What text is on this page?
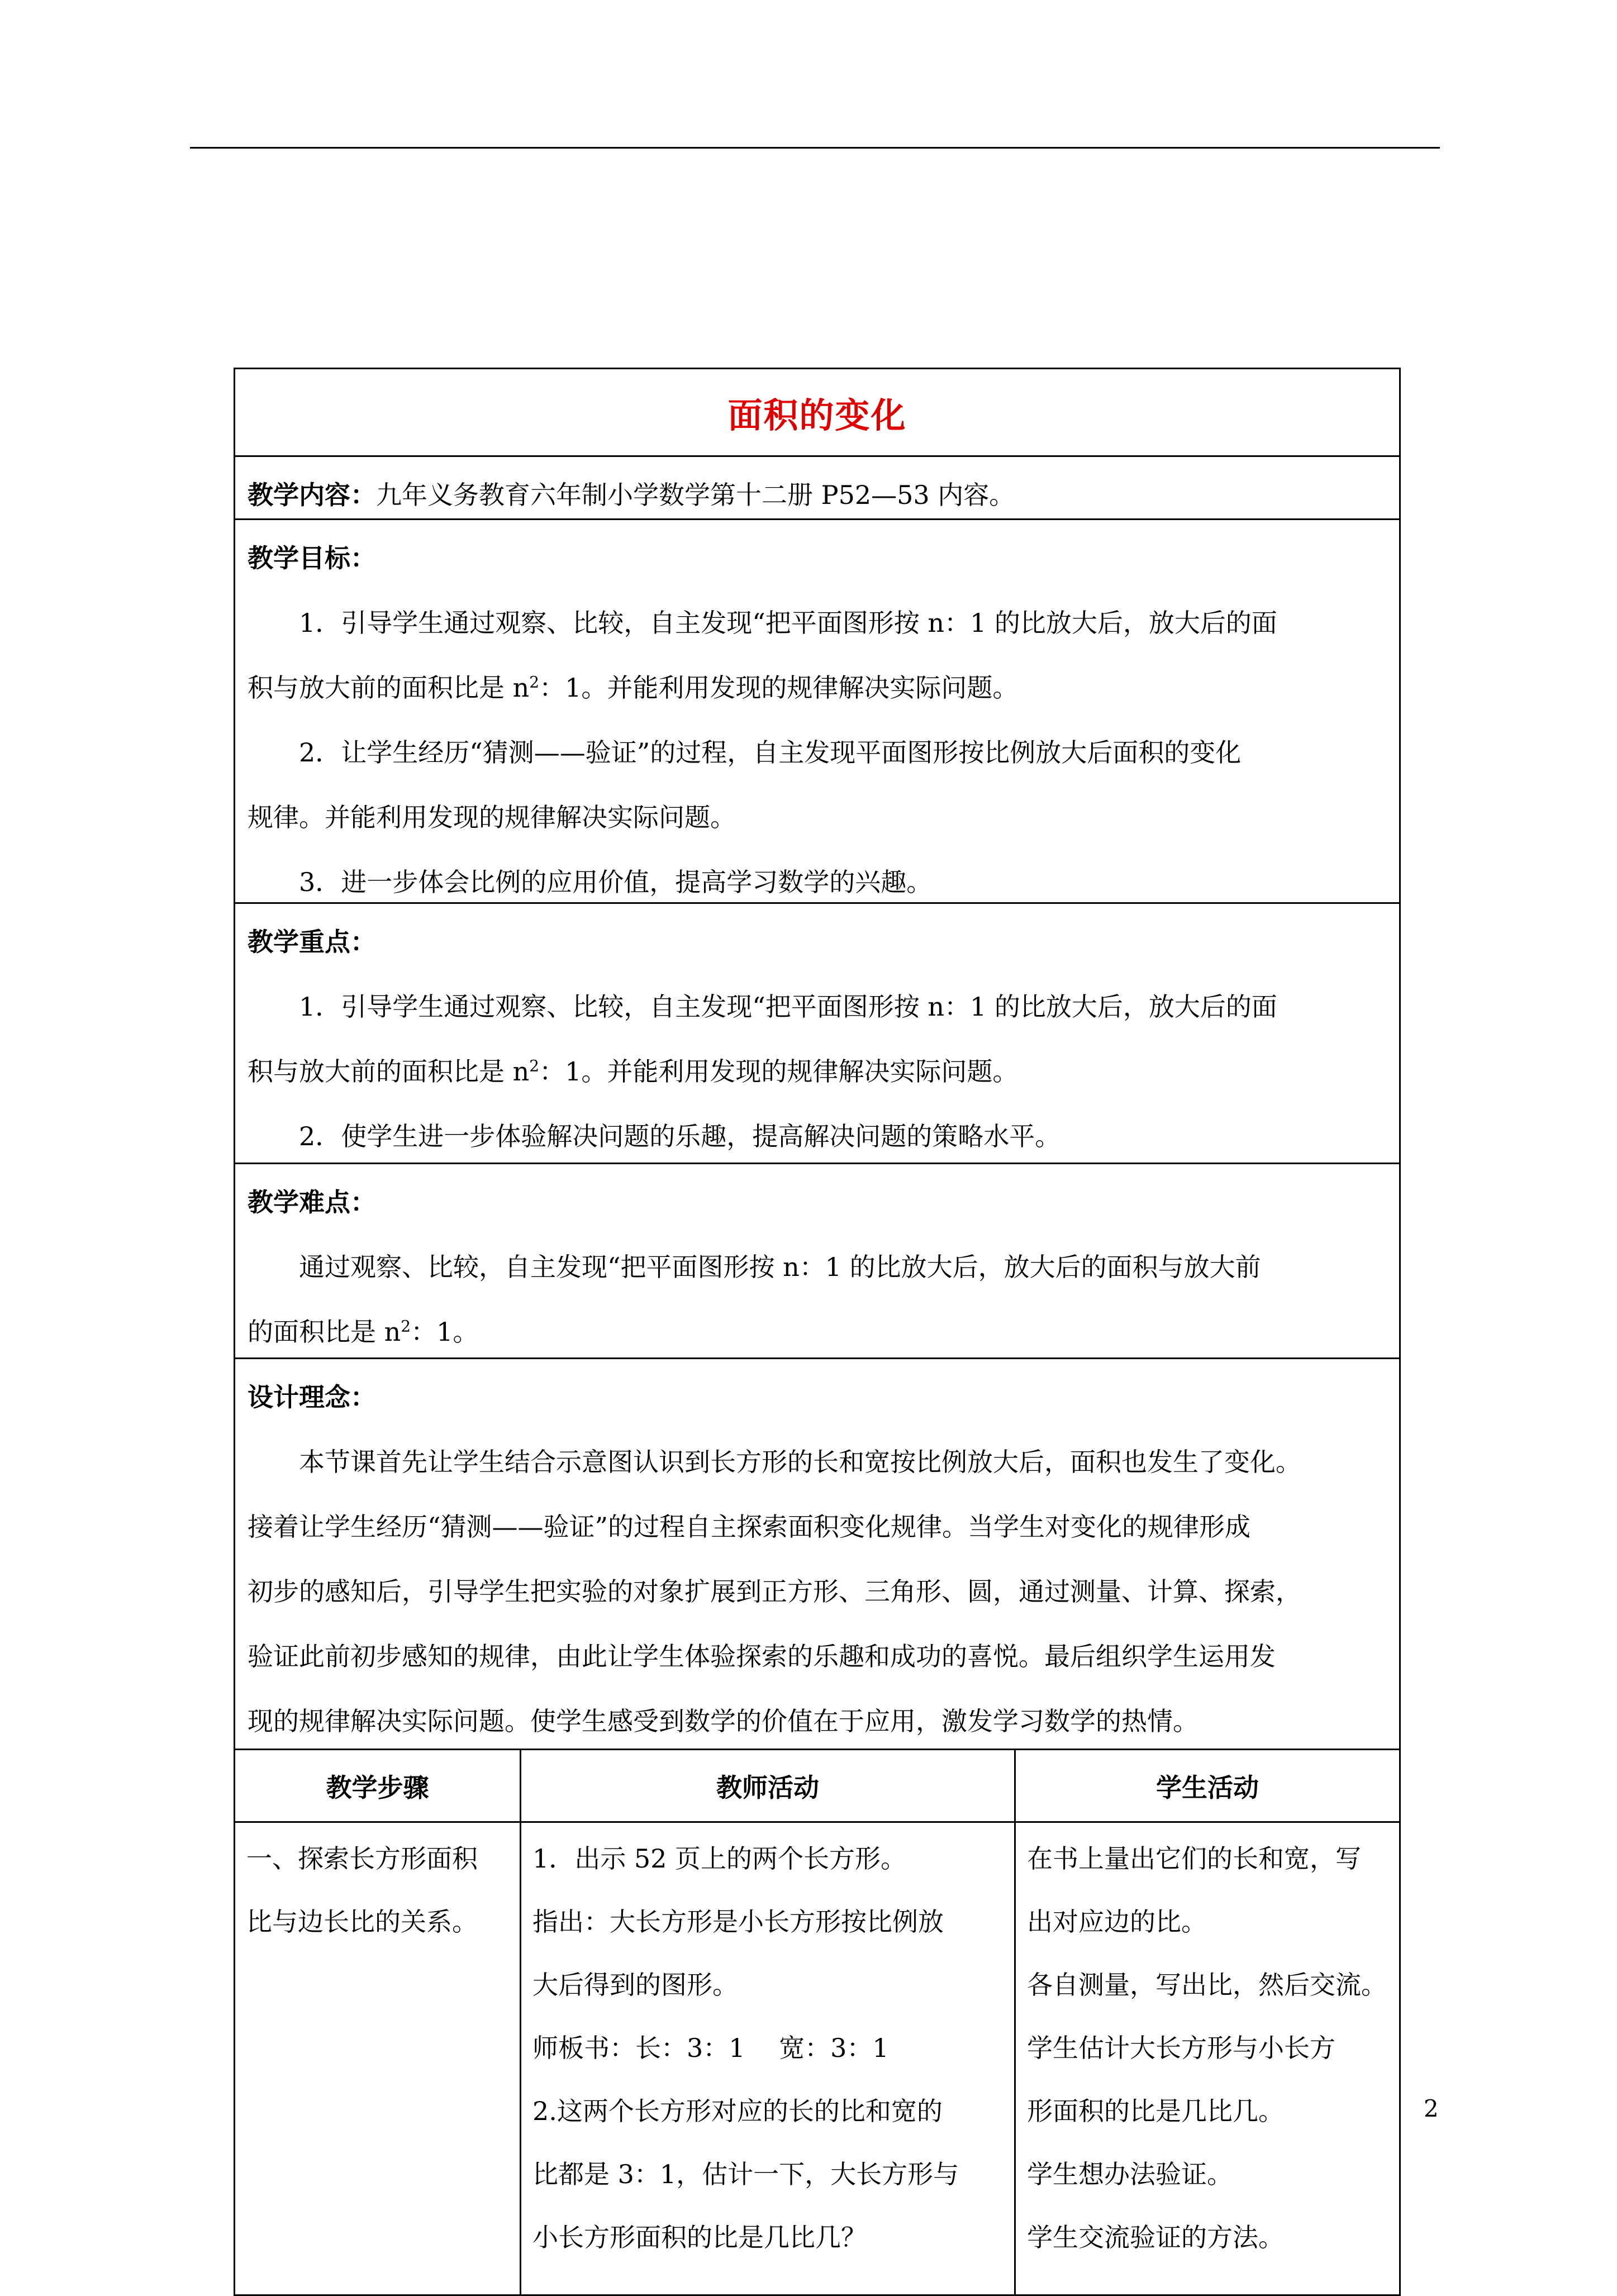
面积的变化
教学内容：九年义务教育六年制小学数学第十二册 P52—53 内容。
教学目标：
1．引导学生通过观察、比较，自主发现“把平面图形按 n：1 的比放大后，放大后的面
积与放大前的面积比是 $n^2$：1。并能利用发现的规律解决实际问题。
2．让学生经历“猜测——验证”的过程，自主发现平面图形按比例放大后面积的变化
规律。并能利用发现的规律解决实际问题。
3．进一步体会比例的应用价值，提高学习数学的兴趣。
教学重点：
1．引导学生通过观察、比较，自主发现“把平面图形按 n：1 的比放大后，放大后的面
积与放大前的面积比是 $n^2$：1。并能利用发现的规律解决实际问题。
2．使学生进一步体验解决问题的乐趣，提高解决问题的策略水平。
教学难点：
通过观察、比较，自主发现“把平面图形按 n：1 的比放大后，放大后的面积与放大前
的面积比是 $n^2$：1。
设计理念：
本节课首先让学生结合示意图认识到长方形的长和宽按比例放大后，面积也发生了变化。
接着让学生经历“猜测——验证”的过程自主探索面积变化规律。当学生对变化的规律形成
初步的感知后，引导学生把实验的对象扩展到正方形、三角形、圆，通过测量、计算、探索，
验证此前初步感知的规律，由此让学生体验探索的乐趣和成功的喜悦。最后组织学生运用发
现的规律解决实际问题。使学生感受到数学的价值在于应用，激发学习数学的热情。
教学步骤	教师活动	学生活动
一、探索长方形面积
比与边长比的关系。
1．出示 52 页上的两个长方形。
指出：大长方形是小长方形按比例放
大后得到的图形。
师板书：长：3：1　 宽：3：1
2.这两个长方形对应的长的比和宽的
比都是 3：1，估计一下，大长方形与
小长方形面积的比是几比几？
在书上量出它们的长和宽，写
出对应边的比。
各自测量，写出比，然后交流。
学生估计大长方形与小长方
形面积的比是几比几。
学生想办法验证。
学生交流验证的方法。
2
